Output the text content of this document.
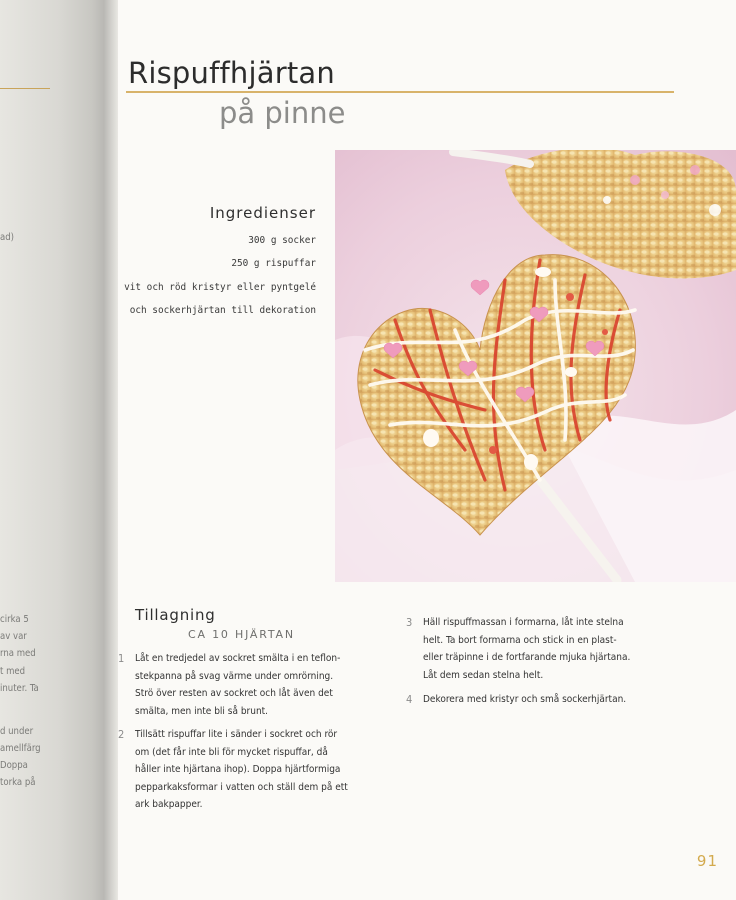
ad)
cirka 5
av var
rna med
t med
inuter. Ta
d under
amellfärg
Doppa
torka på
Rispuffhjärtan
på pinne
Ingredienser
300 g socker
250 g rispuffar
vit och röd kristyr eller pyntgelé
och sockerhjärtan till dekoration
Tillagning

CA 10 HJÄRTAN

1	Låt en tredjedel av sockret smälta i en teflon-
stekpanna på svag värme under omrörning.
Strö över resten av sockret och låt även det
smälta, men inte bli så brunt.
2	Tillsätt rispuffar lite i sänder i sockret och rör
om (det får inte bli för mycket rispuffar, då
håller inte hjärtana ihop). Doppa hjärtformiga
pepparkaksformar i vatten och ställ dem på ett
ark bakpapper.
3	Häll rispuffmassan i formarna, låt inte stelna
helt. Ta bort formarna och stick in en plast-
eller träpinne i de fortfarande mjuka hjärtana.
Låt dem sedan stelna helt.
4	Dekorera med kristyr och små sockerhjärtan.

91
